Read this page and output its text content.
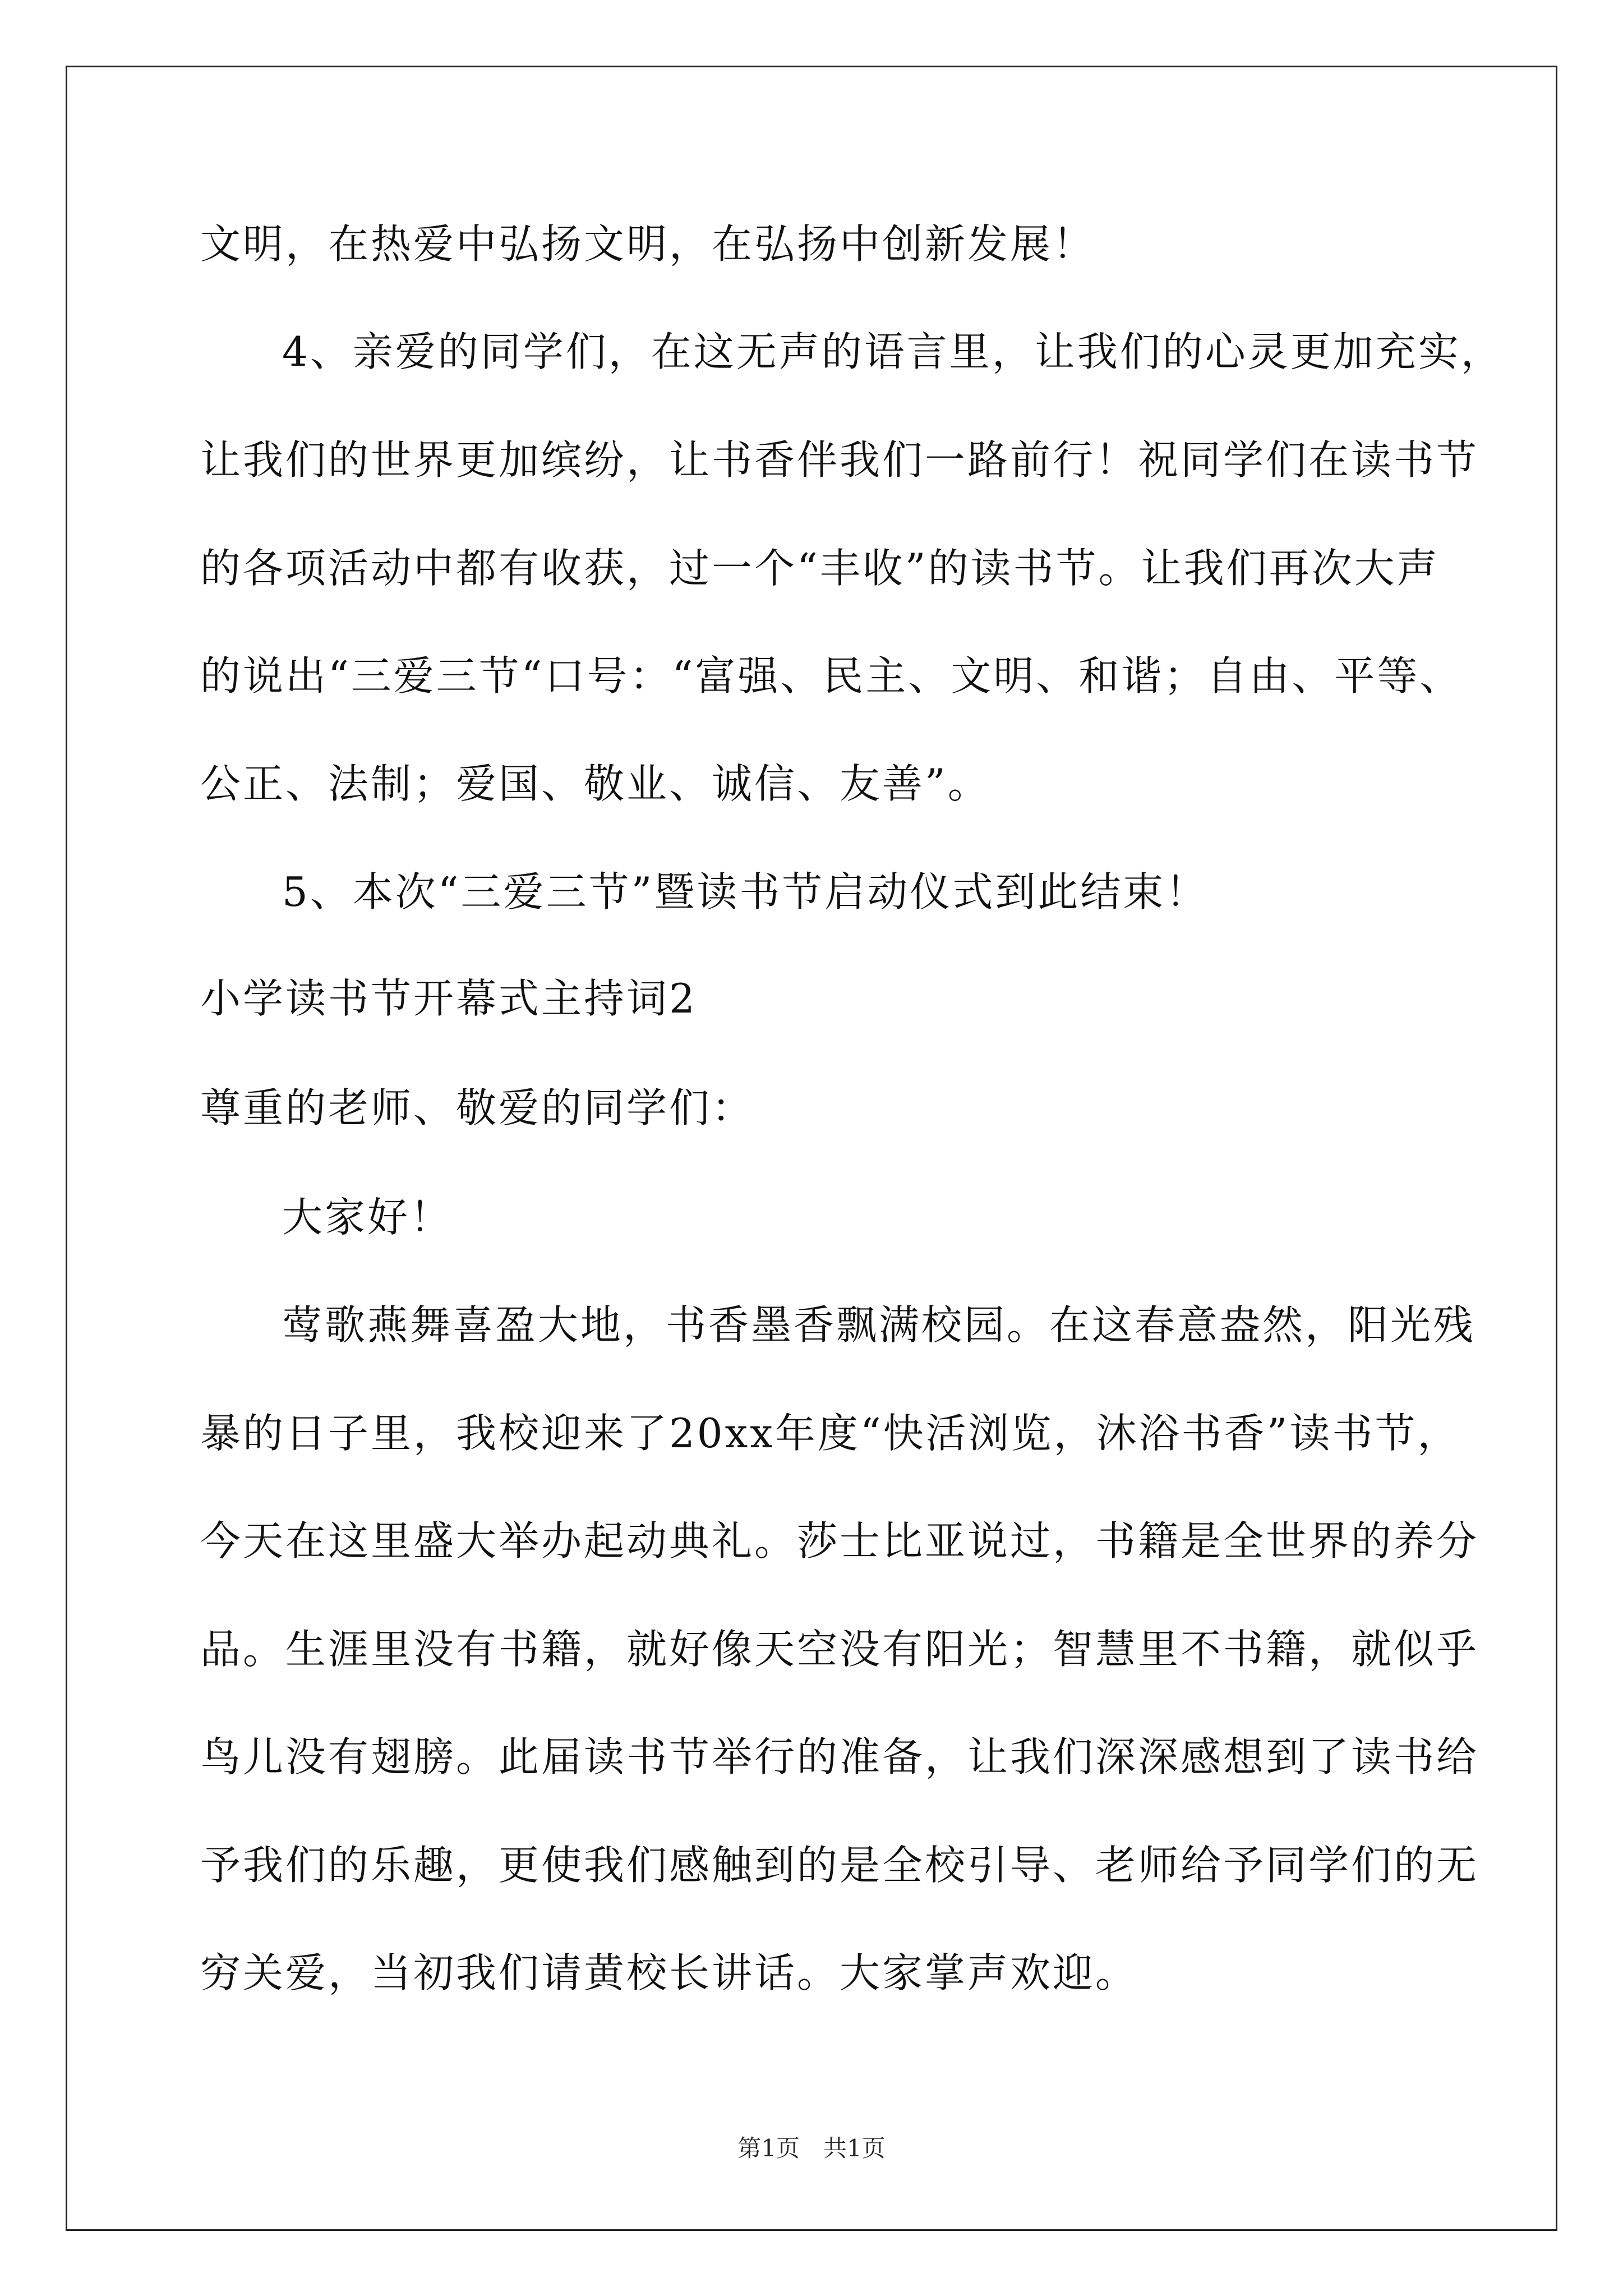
文明，在热爱中弘扬文明，在弘扬中创新发展！
4、亲爱的同学们，在这无声的语言里，让我们的心灵更加充实，
让我们的世界更加缤纷，让书香伴我们一路前行！祝同学们在读书节
的各项活动中都有收获，过一个“丰收”的读书节。让我们再次大声
的说出“三爱三节“口号：“富强、民主、文明、和谐；自由、平等、
公正、法制；爱国、敬业、诚信、友善”。
5、本次“三爱三节”暨读书节启动仪式到此结束！
小学读书节开幕式主持词2
尊重的老师、敬爱的同学们：
大家好！
莺歌燕舞喜盈大地，书香墨香飘满校园。在这春意盎然，阳光残
暴的日子里，我校迎来了20xx年度“快活浏览，沐浴书香”读书节，
今天在这里盛大举办起动典礼。莎士比亚说过，书籍是全世界的养分
品。生涯里没有书籍，就好像天空没有阳光；智慧里不书籍，就似乎
鸟儿没有翅膀。此届读书节举行的准备，让我们深深感想到了读书给
予我们的乐趣，更使我们感触到的是全校引导、老师给予同学们的无
穷关爱，当初我们请黄校长讲话。大家掌声欢迎。
第1页　共1页
